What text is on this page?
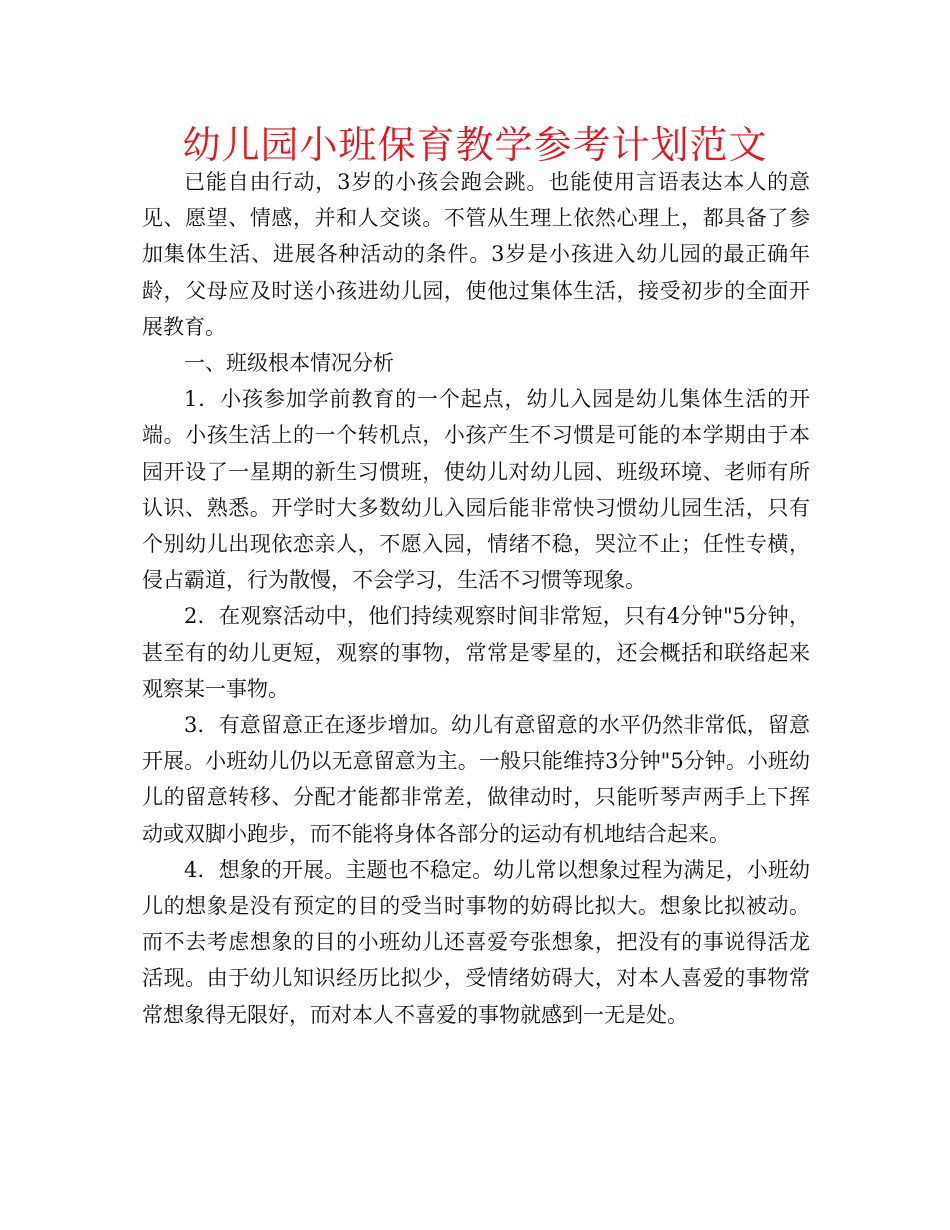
幼儿园小班保育教学参考计划范文

已能自由行动，3岁的小孩会跑会跳。也能使用言语表达本人的意见、愿望、情感，并和人交谈。不管从生理上依然心理上，都具备了参加集体生活、进展各种活动的条件。3岁是小孩进入幼儿园的最正确年龄，父母应及时送小孩进幼儿园，使他过集体生活，接受初步的全面开展教育。

一、班级根本情况分析

1．小孩参加学前教育的一个起点，幼儿入园是幼儿集体生活的开端。小孩生活上的一个转机点，小孩产生不习惯是可能的本学期由于本园开设了一星期的新生习惯班，使幼儿对幼儿园、班级环境、老师有所认识、熟悉。开学时大多数幼儿入园后能非常快习惯幼儿园生活，只有个别幼儿出现依恋亲人，不愿入园，情绪不稳，哭泣不止；任性专横，侵占霸道，行为散慢，不会学习，生活不习惯等现象。

2．在观察活动中，他们持续观察时间非常短，只有4分钟"5分钟，甚至有的幼儿更短，观察的事物，常常是零星的，还会概括和联络起来观察某一事物。

3．有意留意正在逐步增加。幼儿有意留意的水平仍然非常低，留意开展。小班幼儿仍以无意留意为主。一般只能维持3分钟"5分钟。小班幼儿的留意转移、分配才能都非常差，做律动时，只能听琴声两手上下挥动或双脚小跑步，而不能将身体各部分的运动有机地结合起来。

4．想象的开展。主题也不稳定。幼儿常以想象过程为满足，小班幼儿的想象是没有预定的目的受当时事物的妨碍比拟大。想象比拟被动。而不去考虑想象的目的小班幼儿还喜爱夸张想象，把没有的事说得活龙活现。由于幼儿知识经历比拟少，受情绪妨碍大，对本人喜爱的事物常常想象得无限好，而对本人不喜爱的事物就感到一无是处。
